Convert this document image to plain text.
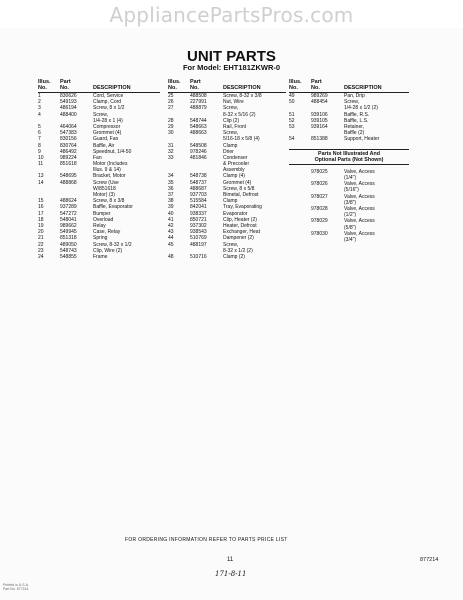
AppliancePartsPros.com
UNIT PARTS
For Model: EHT181ZKWR-0
Illus.
No.
Part
No.	DESCRIPTION
1	830626	Cord, Service
2	549193	Clamp, Cord
3	486194	Screw, 8 x 1/2
4	488400	Screw,
1/4-28 x 1 (4)
5	464064	Compressor
6	547383	Grommet (4)
7	830156	Guard, Fan
8	830764	Baffle, Air
9	486492	Speednut, 1/4-50
10	989224	Fan
11	851618	Motor (Includes
Illus. 9 & 14)
13	548695	Bracket, Motor
14	488868	Screw (Use
W/851618
Motor) (3)
15	488624	Screw, 8 x 3/8
16	937289	Baffle, Evaporator
17	547272	Bumper
18	548041	Overload
19	989662	Relay
20	549945	Case, Relay
21	851318	Spring
22	489050	Screw, 8-32 x 1/2
23	548743	Clip, Wire (2)
24	548855	Frame
Illus.
No.
Part
No.	DESCRIPTION
25	488508	Screw, 8-32 x 3/8
26	227991	Nut, Wire
27	488879	Screw,
8-32 x 5/16 (2)
28	548744	Clip (2)
29	548663	Rail, Front
30	488663	Screw,
5/16-18 x 5/8 (4)
31	548508	Clamp
32	978246	Drier
33	481846	Condenser
& Precooler
Assembly
34	548738	Clamp (4)
35	548737	Grommet (4)
36	488687	Screw, 8 x 5/8
37	937703	Bimetal, Defrost
38	515584	Clamp
39	842041	Tray, Evaporating
40	938337	Evaporator
41	850721	Clip, Heater (2)
42	937302	Heater, Defrost
43	938543	Exchanger, Heat
44	510769	Dampener (2)
45	488197	Screw,
8-32 x 1/2 (2)
48	510716	Clamp (2)
Illus.
No.
Part
No.	DESCRIPTION
49	989269	Pan, Drip
50	488454	Screw,
1/4-28 x 1/2 (2)
51	939106	Baffle, R.S.
52	939105	Baffle, L.S.
53	939164	Retainer,
Baffle (2)
54	851388	Support, Heater
Parts Not Illustrated And
Optional Parts (Not Shown)
978025	Valve, Access
(1/4")
978026	Valve, Access
(5/16")
978027	Valve, Access
(3/8")
978028	Valve, Access
(1/2")
978029	Valve, Access
(5/8")
978030	Valve, Access
(3/4")
FOR ORDERING INFORMATION REFER TO PARTS PRICE LIST
11	877214
171-8-11
Printed in U.S.A.
Part No. 877214
